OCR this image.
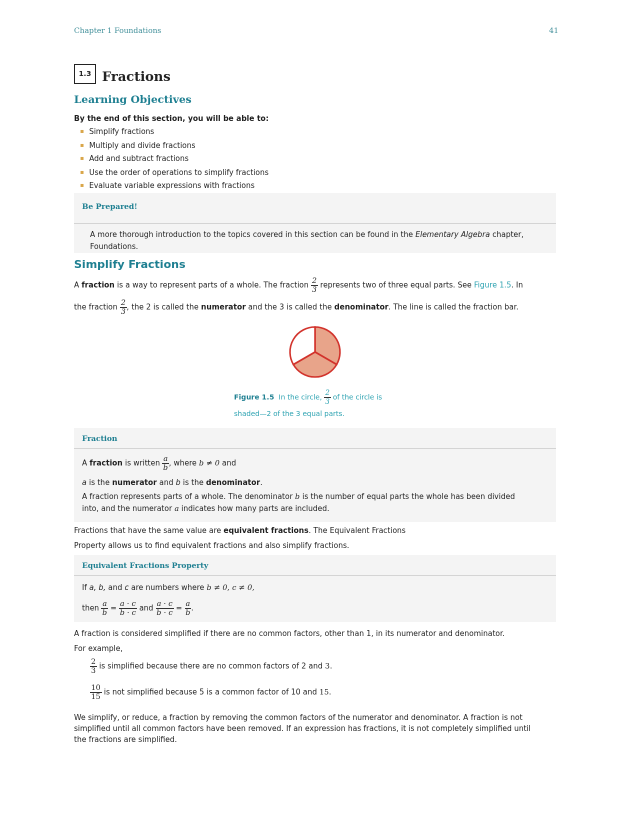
Chapter 1 Foundations	41
1.3 Fractions
Learning Objectives
By the end of this section, you will be able to:
▪ Simplify fractions
▪ Multiply and divide fractions
▪ Add and subtract fractions
▪ Use the order of operations to simplify fractions
▪ Evaluate variable expressions with fractions
Be Prepared!
A more thorough introduction to the topics covered in this section can be found in the Elementary Algebra chapter, Foundations.
Simplify Fractions
A fraction is a way to represent parts of a whole. The fraction $\frac{2}{3}$ represents two of three equal parts. See Figure 1.5. In
the fraction $\frac{2}{3}$ , the 2 is called the numerator and the 3 is called the denominator. The line is called the fraction bar.
Figure 1.5 In the circle, $\frac{2}{3}$ of the circle is
shaded—2 of the 3 equal parts.
Fraction
A fraction is written $\frac{a}{b}$ , where b ≠ 0 and
a is the numerator and b is the denominator.
A fraction represents parts of a whole. The denominator b is the number of equal parts the whole has been divided
into, and the numerator a indicates how many parts are included.
Fractions that have the same value are equivalent fractions. The Equivalent Fractions
Property allows us to find equivalent fractions and also simplify fractions.
Equivalent Fractions Property
If a, b, and c are numbers where b ≠ 0, c ≠ 0,
then $\frac{a}{b} = \frac{a \cdot c}{b \cdot c}$ and $\frac{a \cdot c}{b \cdot c} = \frac{a}{b}$ .
A fraction is considered simplified if there are no common factors, other than 1, in its numerator and denominator.
For example,
$\frac{2}{3}$ is simplified because there are no common factors of 2 and 3.
$\frac{10}{15}$ is not simplified because 5 is a common factor of 10 and 15.
We simplify, or reduce, a fraction by removing the common factors of the numerator and denominator. A fraction is not
simplified until all common factors have been removed. If an expression has fractions, it is not completely simplified until
the fractions are simplified.
